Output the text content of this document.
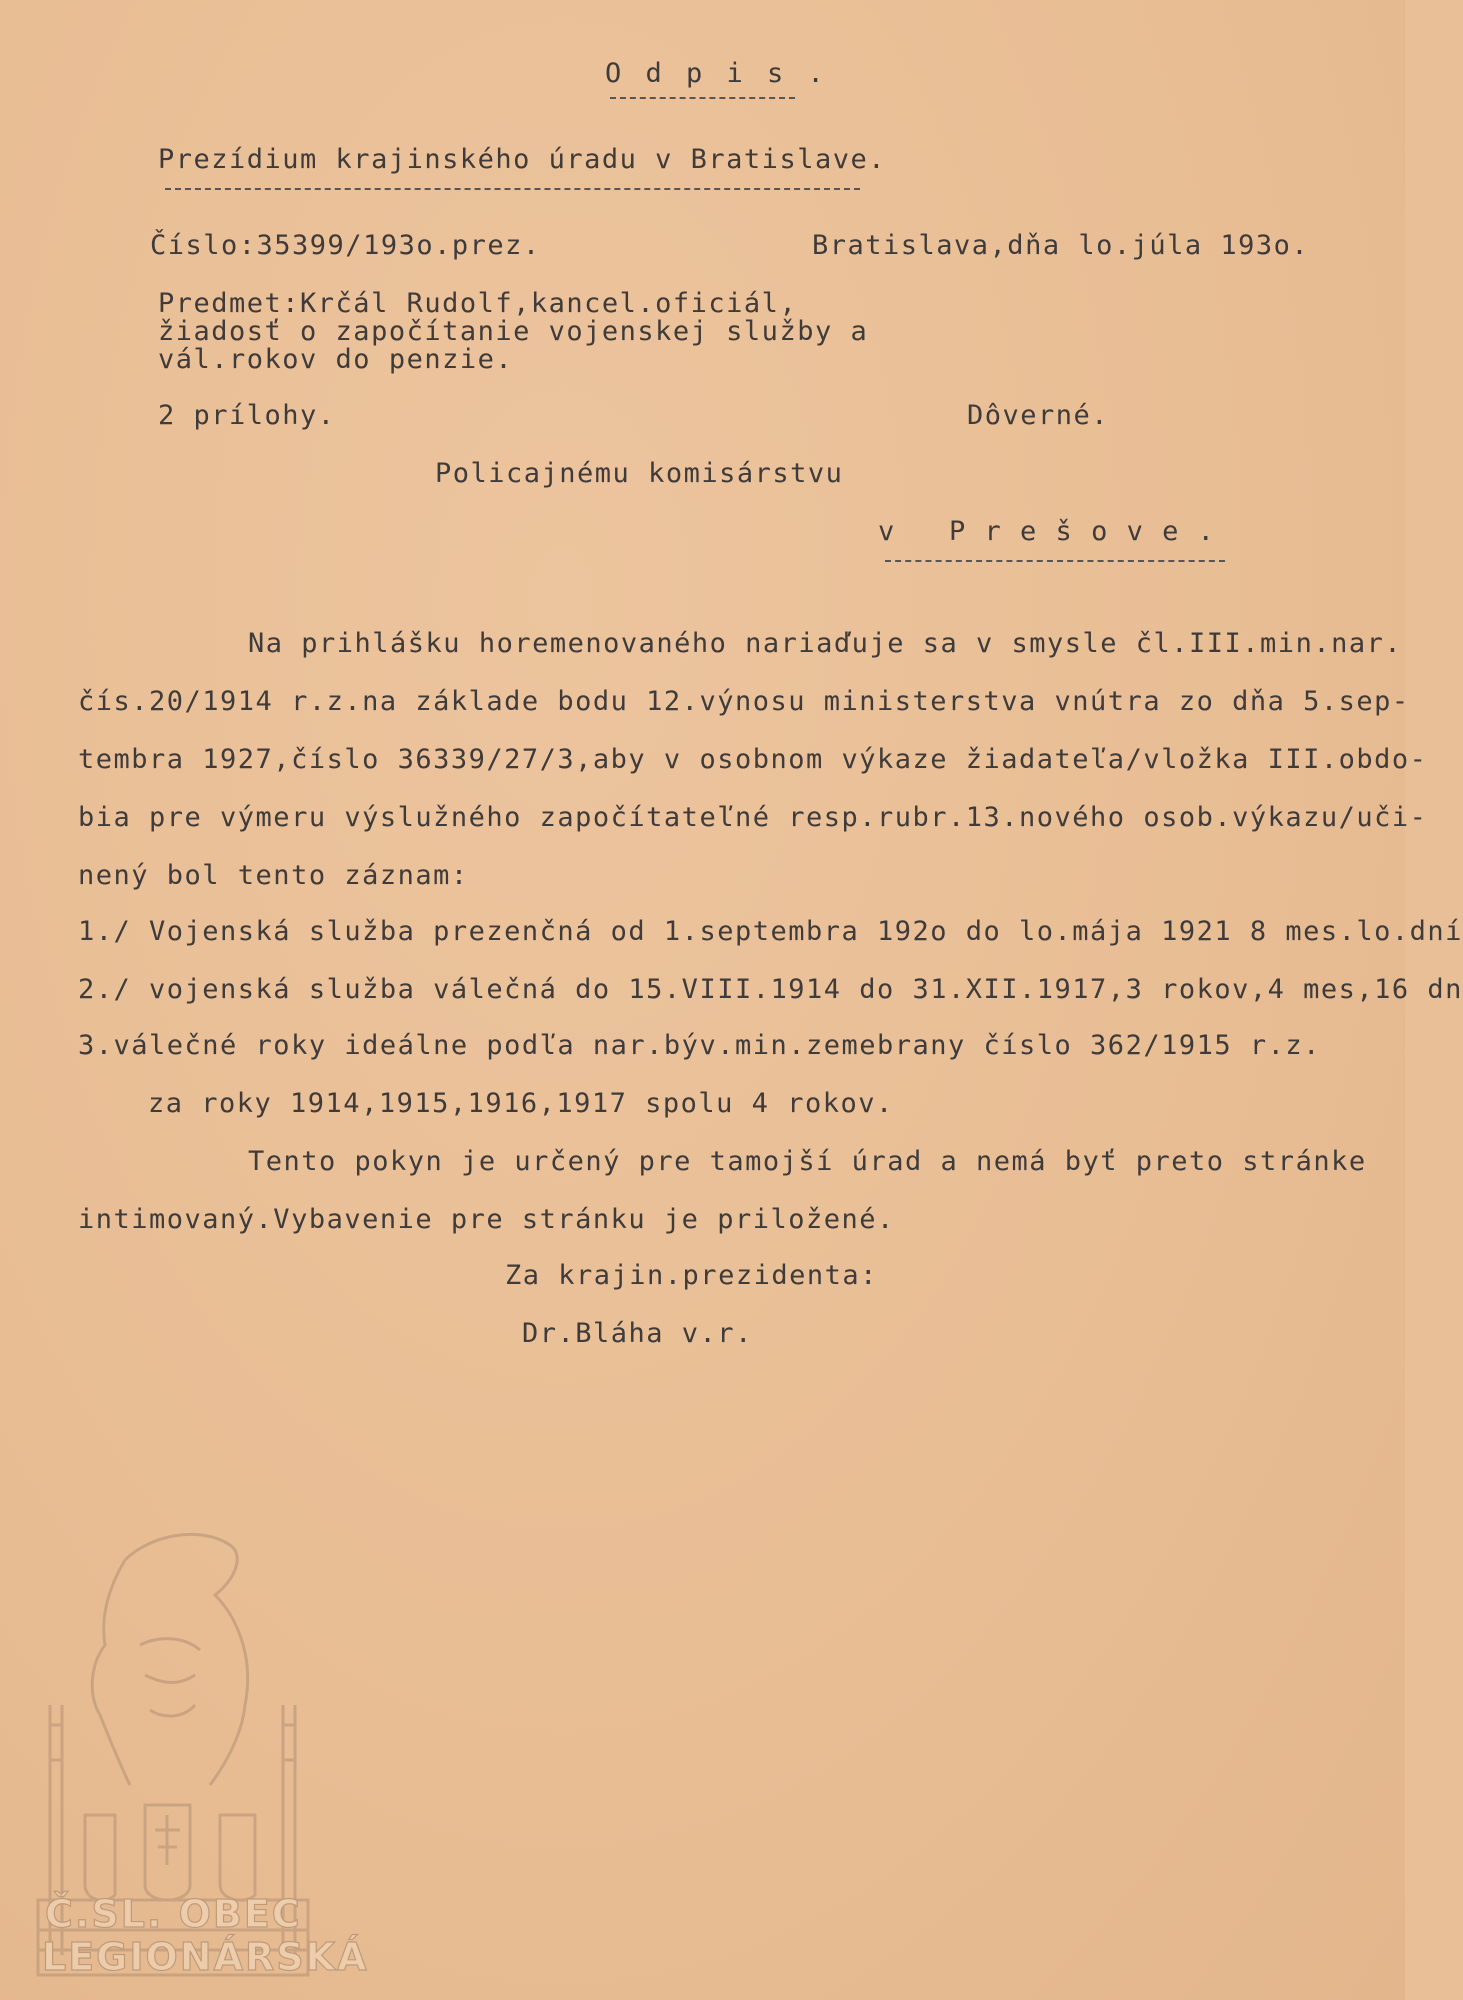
O d p i s .
Prezídium krajinského úradu v Bratislave.
Číslo:35399/193o.prez.	Bratislava,dňa lo.júla 193o.
Predmet:Krčál Rudolf,kancel.oficiál,
žiadosť o započítanie vojenskej služby a
vál.rokov do penzie.
2 prílohy.	Dôverné.
Policajnému komisárstvu
v   P r e š o v e .
Na prihlášku horemenovaného nariaďuje sa v smysle čl.III.min.nar.
čís.20/1914 r.z.na základe bodu 12.výnosu ministerstva vnútra zo dňa 5.sep-
tembra 1927,číslo 36339/27/3,aby v osobnom výkaze žiadateľa/vložka III.obdo-
bia pre výmeru výslužného započítateľné resp.rubr.13.nového osob.výkazu/uči-
nený bol tento záznam:
1./ Vojenská služba prezenčná od 1.septembra 192o do lo.mája 1921 8 mes.lo.dní
2./ vojenská služba válečná do 15.VIII.1914 do 31.XII.1917,3 rokov,4 mes,16 dn
3.válečné roky ideálne podľa nar.býv.min.zemebrany číslo 362/1915 r.z.
za roky 1914,1915,1916,1917 spolu 4 rokov.
Tento pokyn je určený pre tamojší úrad a nemá byť preto stránke
intimovaný.Vybavenie pre stránku je priložené.
Za krajin.prezidenta:
Dr.Bláha v.r.
Č.SL. OBEC
LEGIONÁRSKÁ
